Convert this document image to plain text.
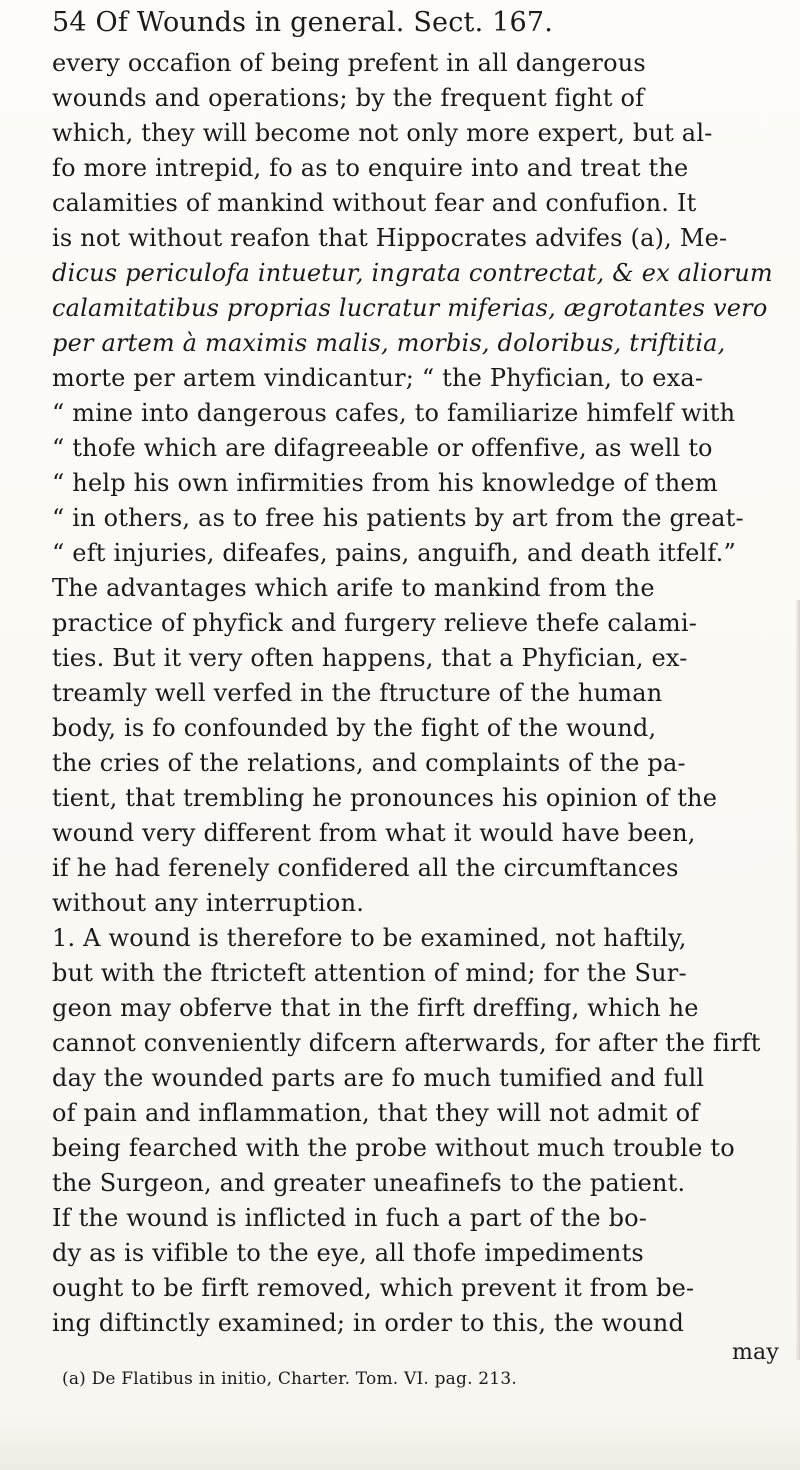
54 Of Wounds in general. Sect. 167.
every occafion of being prefent in all dangerous
wounds and operations; by the frequent fight of
which, they will become not only more expert, but al-
fo more intrepid, fo as to enquire into and treat the
calamities of mankind without fear and confufion. It
is not without reafon that Hippocrates advifes (a), Me-
dicus periculofa intuetur, ingrata contrectat, & ex aliorum
calamitatibus proprias lucratur miferias, ægrotantes vero
per artem à maximis malis, morbis, doloribus, triftitia,
morte per artem vindicantur; “ the Phyfician, to exa-
“ mine into dangerous cafes, to familiarize himfelf with
“ thofe which are difagreeable or offenfive, as well to
“ help his own infirmities from his knowledge of them
“ in others, as to free his patients by art from the great-
“ eft injuries, difeafes, pains, anguifh, and death itfelf.”
The advantages which arife to mankind from the
practice of phyfick and furgery relieve thefe calami-
ties. But it very often happens, that a Phyfician, ex-
treamly well verfed in the ftructure of the human
body, is fo confounded by the fight of the wound,
the cries of the relations, and complaints of the pa-
tient, that trembling he pronounces his opinion of the
wound very different from what it would have been,
if he had ferenely confidered all the circumftances
without any interruption.
1. A wound is therefore to be examined, not haftily,
but with the ftricteft attention of mind; for the Sur-
geon may obferve that in the firft dreffing, which he
cannot conveniently difcern afterwards, for after the firft
day the wounded parts are fo much tumified and full
of pain and inflammation, that they will not admit of
being fearched with the probe without much trouble to
the Surgeon, and greater uneafinefs to the patient.
If the wound is inflicted in fuch a part of the bo-
dy as is vifible to the eye, all thofe impediments
ought to be firft removed, which prevent it from be-
ing diftinctly examined; in order to this, the wound
may
(a) De Flatibus in initio, Charter. Tom. VI. pag. 213.
